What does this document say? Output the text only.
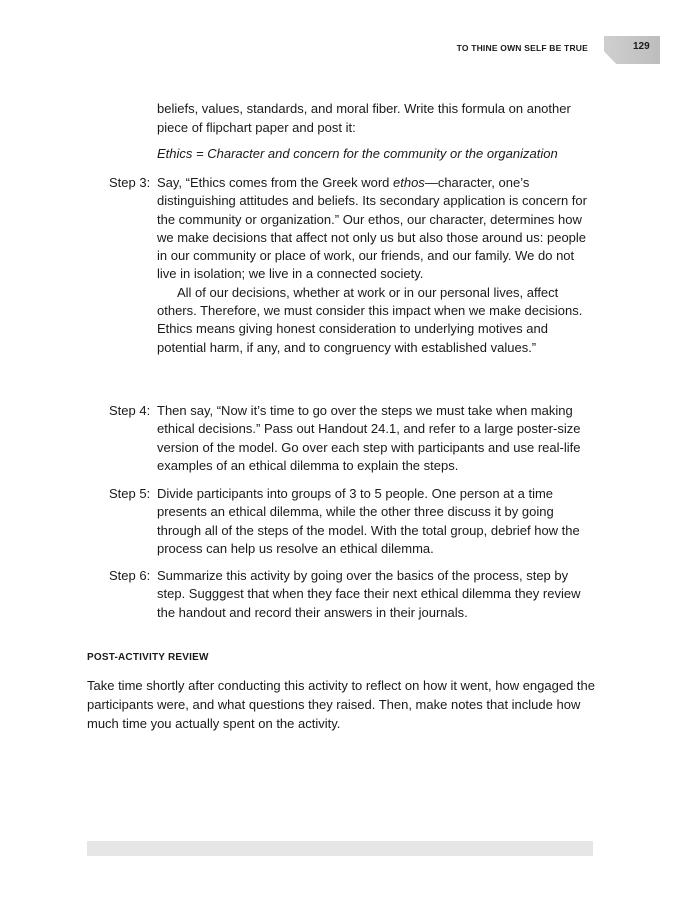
TO THINE OWN SELF BE TRUE	129
beliefs, values, standards, and moral fiber. Write this formula on another piece of flipchart paper and post it:
Ethics = Character and concern for the community or the organization
Step 3: Say, “Ethics comes from the Greek word ethos—character, one’s distinguishing attitudes and beliefs. Its secondary application is concern for the community or organization.” Our ethos, our character, determines how we make decisions that affect not only us but also those around us: people in our community or place of work, our friends, and our family. We do not live in isolation; we live in a connected society.

All of our decisions, whether at work or in our personal lives, affect others. Therefore, we must consider this impact when we make decisions. Ethics means giving honest consideration to underlying motives and potential harm, if any, and to congruency with established values.”

Step 4: Then say, “Now it’s time to go over the steps we must take when making ethical decisions.” Pass out Handout 24.1, and refer to a large poster-size version of the model. Go over each step with participants and use real-life examples of an ethical dilemma to explain the steps.

Step 5: Divide participants into groups of 3 to 5 people. One person at a time presents an ethical dilemma, while the other three discuss it by going through all of the steps of the model. With the total group, debrief how the process can help us resolve an ethical dilemma.

Step 6: Summarize this activity by going over the basics of the process, step by step. Sugggest that when they face their next ethical dilemma they review the handout and record their answers in their journals.

POST-ACTIVITY REVIEW
Take time shortly after conducting this activity to reflect on how it went, how engaged the participants were, and what questions they raised. Then, make notes that include how much time you actually spent on the activity.
